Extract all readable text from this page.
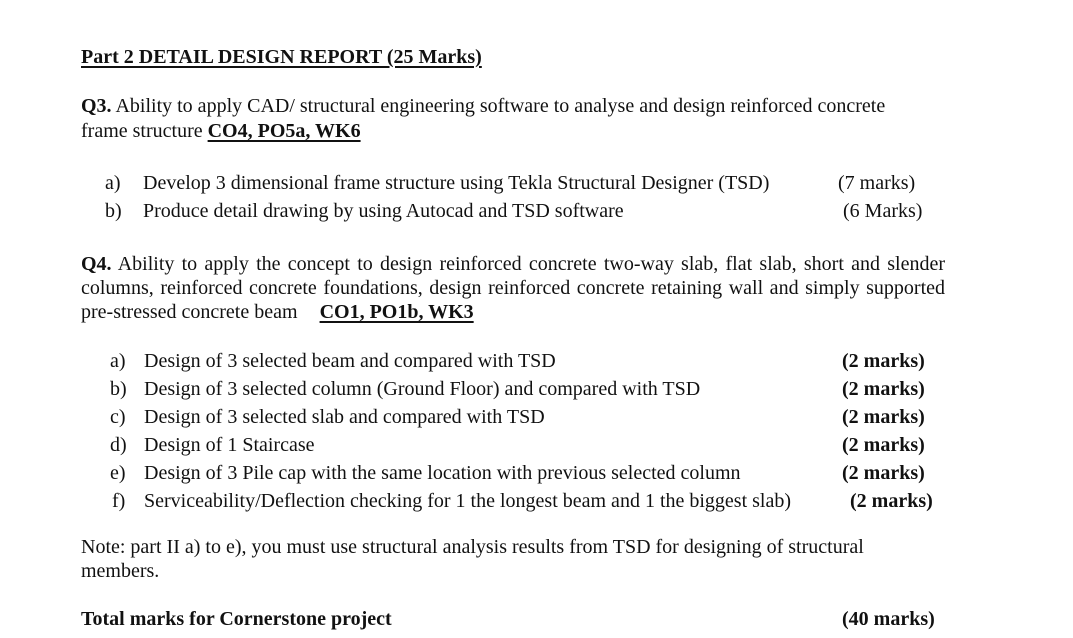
Part 2 DETAIL DESIGN REPORT (25 Marks)
Q3. Ability to apply CAD/ structural engineering software to analyse and design reinforced concrete
frame structure CO4, PO5a, WK6
a) Develop 3 dimensional frame structure using Tekla Structural Designer (TSD)	(7 marks)
b) Produce detail drawing by using Autocad and TSD software	(6 Marks)
Q4. Ability to apply the concept to design reinforced concrete two-way slab, flat slab, short and slender columns, reinforced concrete foundations, design reinforced concrete retaining wall and simply supported pre-stressed concrete beam CO1, PO1b, WK3
a) Design of 3 selected beam and compared with TSD	(2 marks)
b) Design of 3 selected column (Ground Floor) and compared with TSD	(2 marks)
c) Design of 3 selected slab and compared with TSD	(2 marks)
d) Design of 1 Staircase	(2 marks)
e) Design of 3 Pile cap with the same location with previous selected column	(2 marks)
f) Serviceability/Deflection checking for 1 the longest beam and 1 the biggest slab)	(2 marks)
Note: part II a) to e), you must use structural analysis results from TSD for designing of structural members.
Total marks for Cornerstone project	(40 marks)
